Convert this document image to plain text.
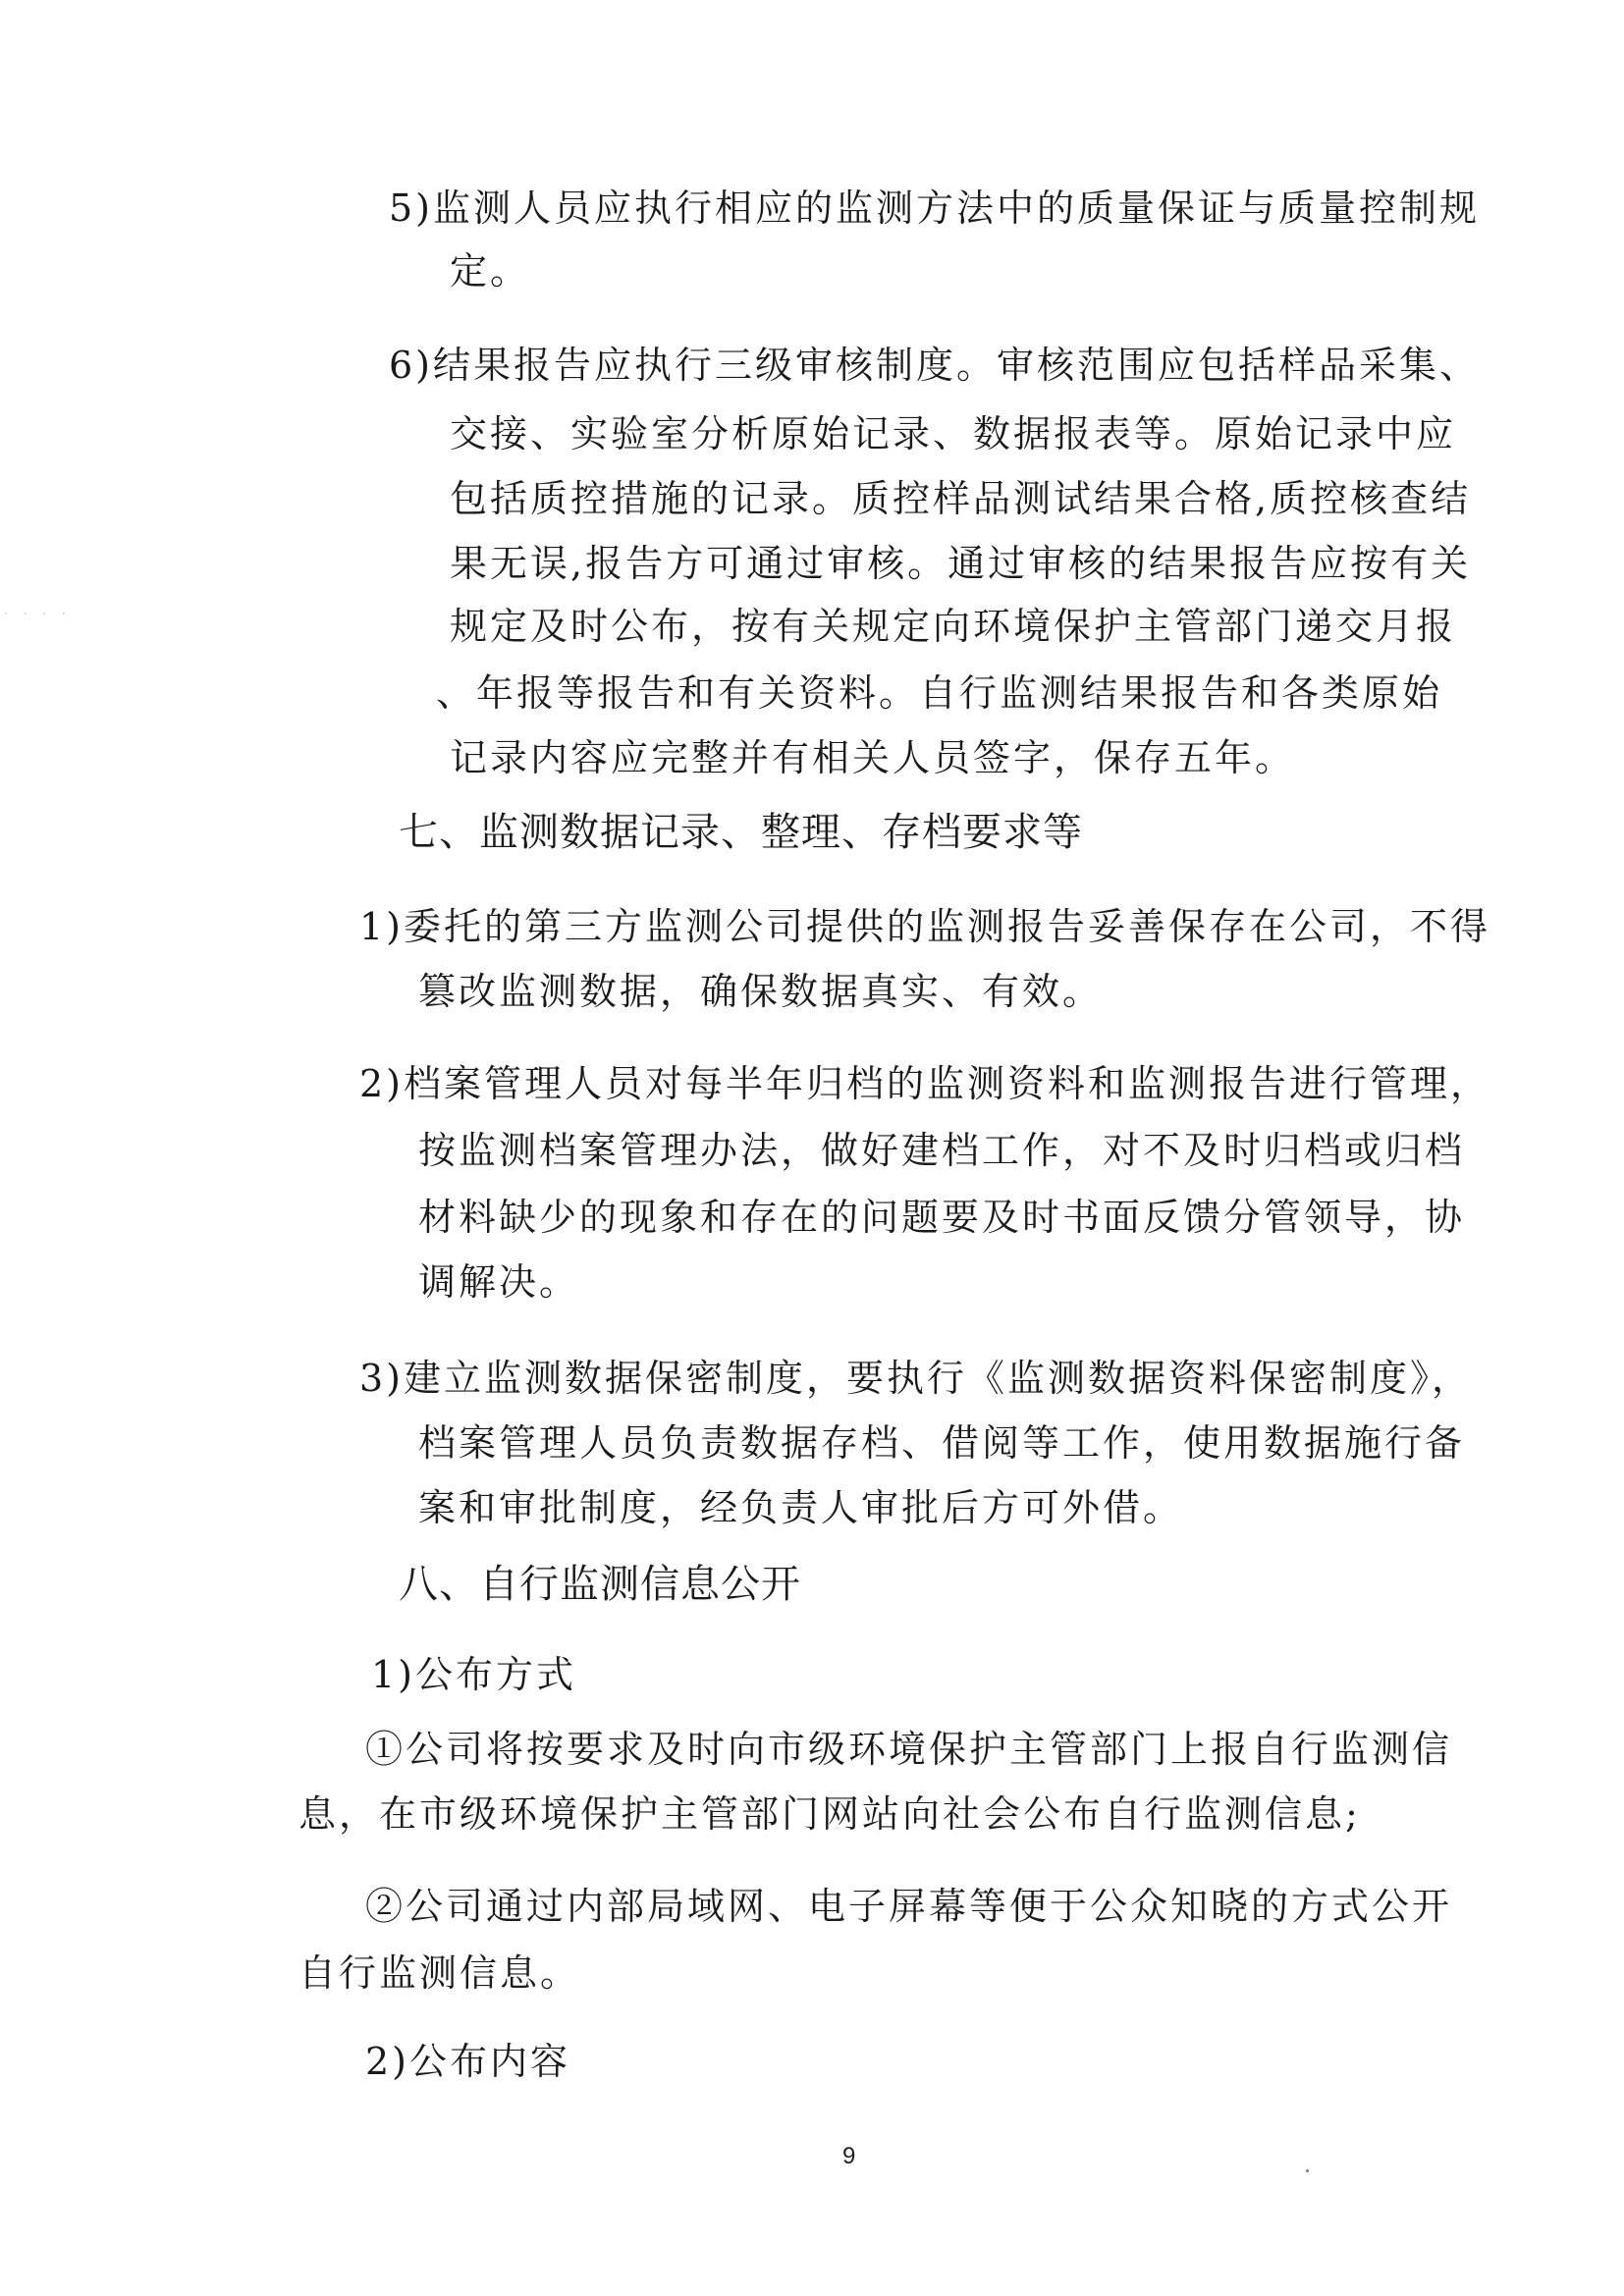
5)监测人员应执行相应的监测方法中的质量保证与质量控制规
定。
6)结果报告应执行三级审核制度。审核范围应包括样品采集、
交接、实验室分析原始记录、数据报表等。原始记录中应
包括质控措施的记录。质控样品测试结果合格,质控核查结
果无误,报告方可通过审核。通过审核的结果报告应按有关
规定及时公布，按有关规定向环境保护主管部门递交月报
、年报等报告和有关资料。自行监测结果报告和各类原始
记录内容应完整并有相关人员签字，保存五年。
七、监测数据记录、整理、存档要求等
1)委托的第三方监测公司提供的监测报告妥善保存在公司，不得
篡改监测数据，确保数据真实、有效。
2)档案管理人员对每半年归档的监测资料和监测报告进行管理，
按监测档案管理办法，做好建档工作，对不及时归档或归档
材料缺少的现象和存在的问题要及时书面反馈分管领导，协
调解决。
3)建立监测数据保密制度，要执行《监测数据资料保密制度》，
档案管理人员负责数据存档、借阅等工作，使用数据施行备
案和审批制度，经负责人审批后方可外借。
八、自行监测信息公开
1)公布方式
①公司将按要求及时向市级环境保护主管部门上报自行监测信
息，在市级环境保护主管部门网站向社会公布自行监测信息;
②公司通过内部局域网、电子屏幕等便于公众知晓的方式公开
自行监测信息。
2)公布内容
9
· · · ·
